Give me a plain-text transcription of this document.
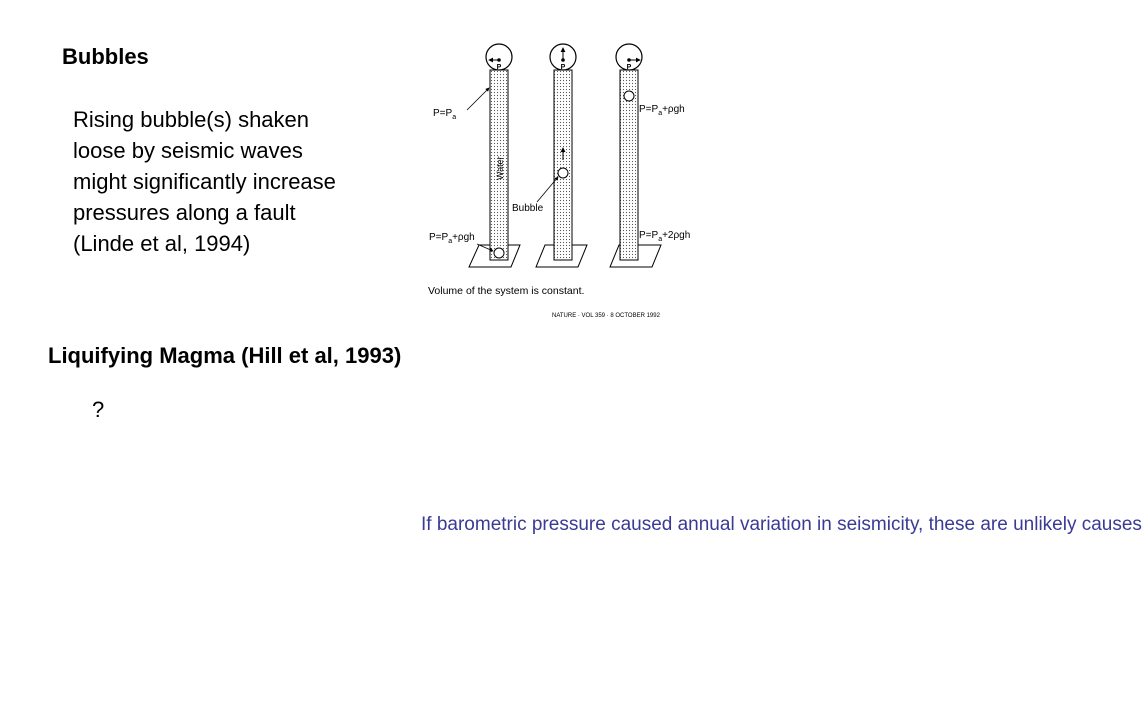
Bubbles
Rising bubble(s) shaken
loose by seismic waves
might significantly increase
pressures along a fault
(Linde et al, 1994)
P	P	P
$P=P_a$
Water
Bubble
$P=P_a+\rho gh$
$P=P_a+\rho gh$
$P=P_a+2\rho gh$
Volume of the system is constant.
NATURE · VOL 359 · 8 OCTOBER 1992
Liquifying Magma (Hill et al, 1993)
?
If barometric pressure caused annual variation in seismicity, these are unlikely causes
